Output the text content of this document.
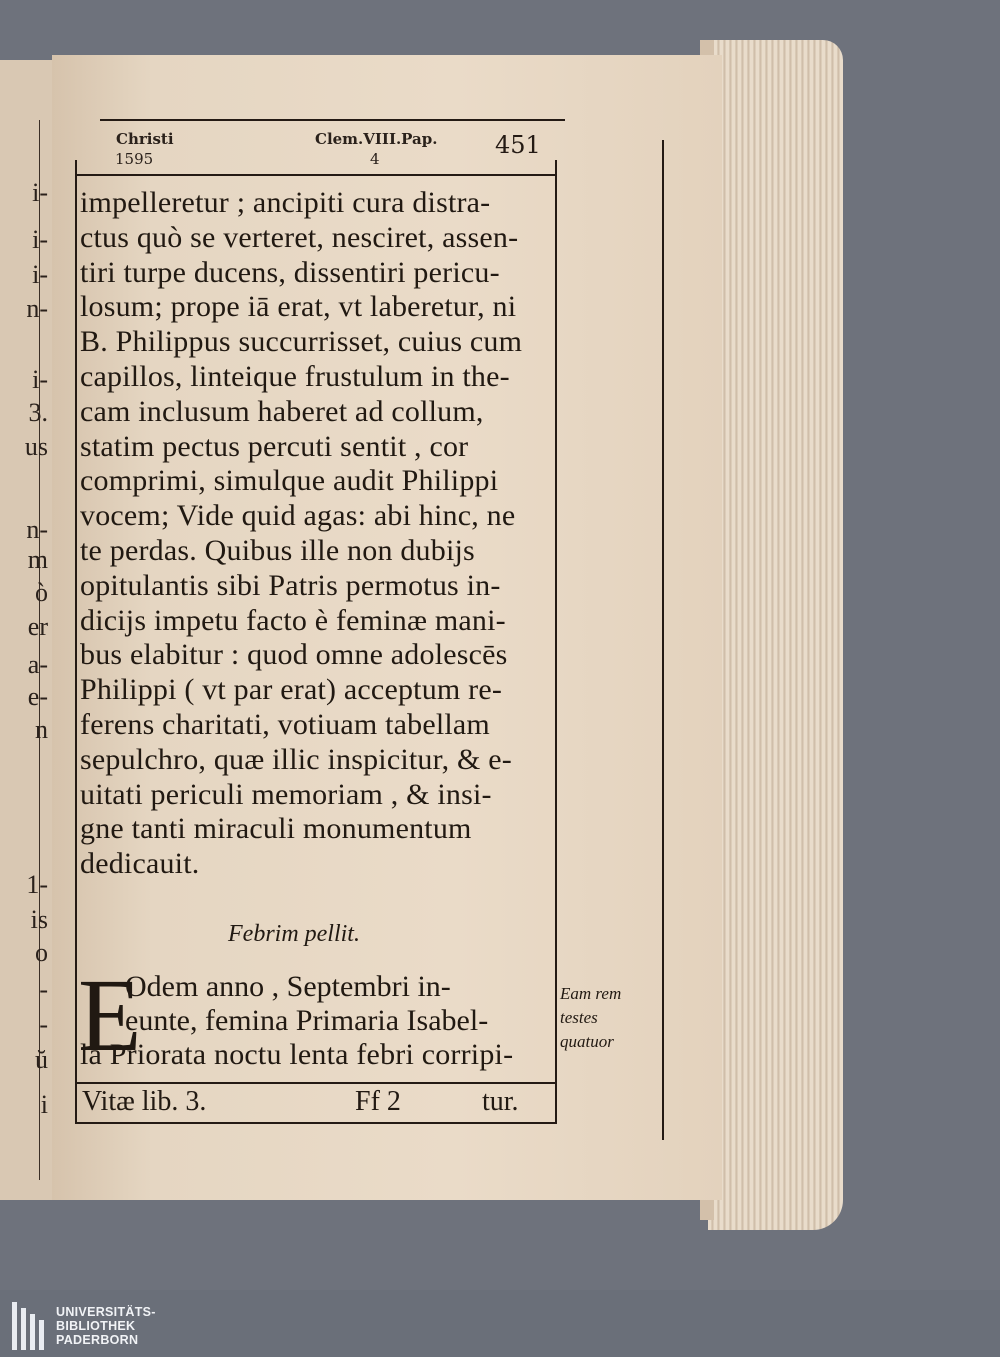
i-
i-
i-
n-
i-
3.
us
n-
m
ò
er
a-
e-
n
1-
is
o
-
-
ŭ
i
Christi
1595
Clem.VIII.Pap.
4	451
impelleretur ; ancipiti cura distra-
ctus quò se verteret, nesciret, assen-
tiri turpe ducens, dissentiri pericu-
losum; prope iā erat, vt laberetur, ni
B. Philippus succurrisset, cuius cum
capillos, linteique frustulum in the-
cam inclusum haberet ad collum,
statim pectus percuti sentit , cor
comprimi, simulque audit Philippi
vocem; Vide quid agas: abi hinc, ne
te perdas. Quibus ille non dubijs
opitulantis sibi Patris permotus in-
dicijs impetu facto è feminæ mani-
bus elabitur : quod omne adolescēs
Philippi ( vt par erat) acceptum re-
ferens charitati, votiuam tabellam
sepulchro, quæ illic inspicitur, & e-
uitati periculi memoriam , & insi-
gne tanti miraculi monumentum
dedicauit.
Febrim pellit.
E
Odem anno , Septembri in-
eunte, femina Primaria Isabel-
la Priorata noctu lenta febri corripi-
Eam rem
testes
quatuor
Vitæ lib. 3.	Ff 2	tur.
UNIVERSITÄTS-
BIBLIOTHEK
PADERBORN
